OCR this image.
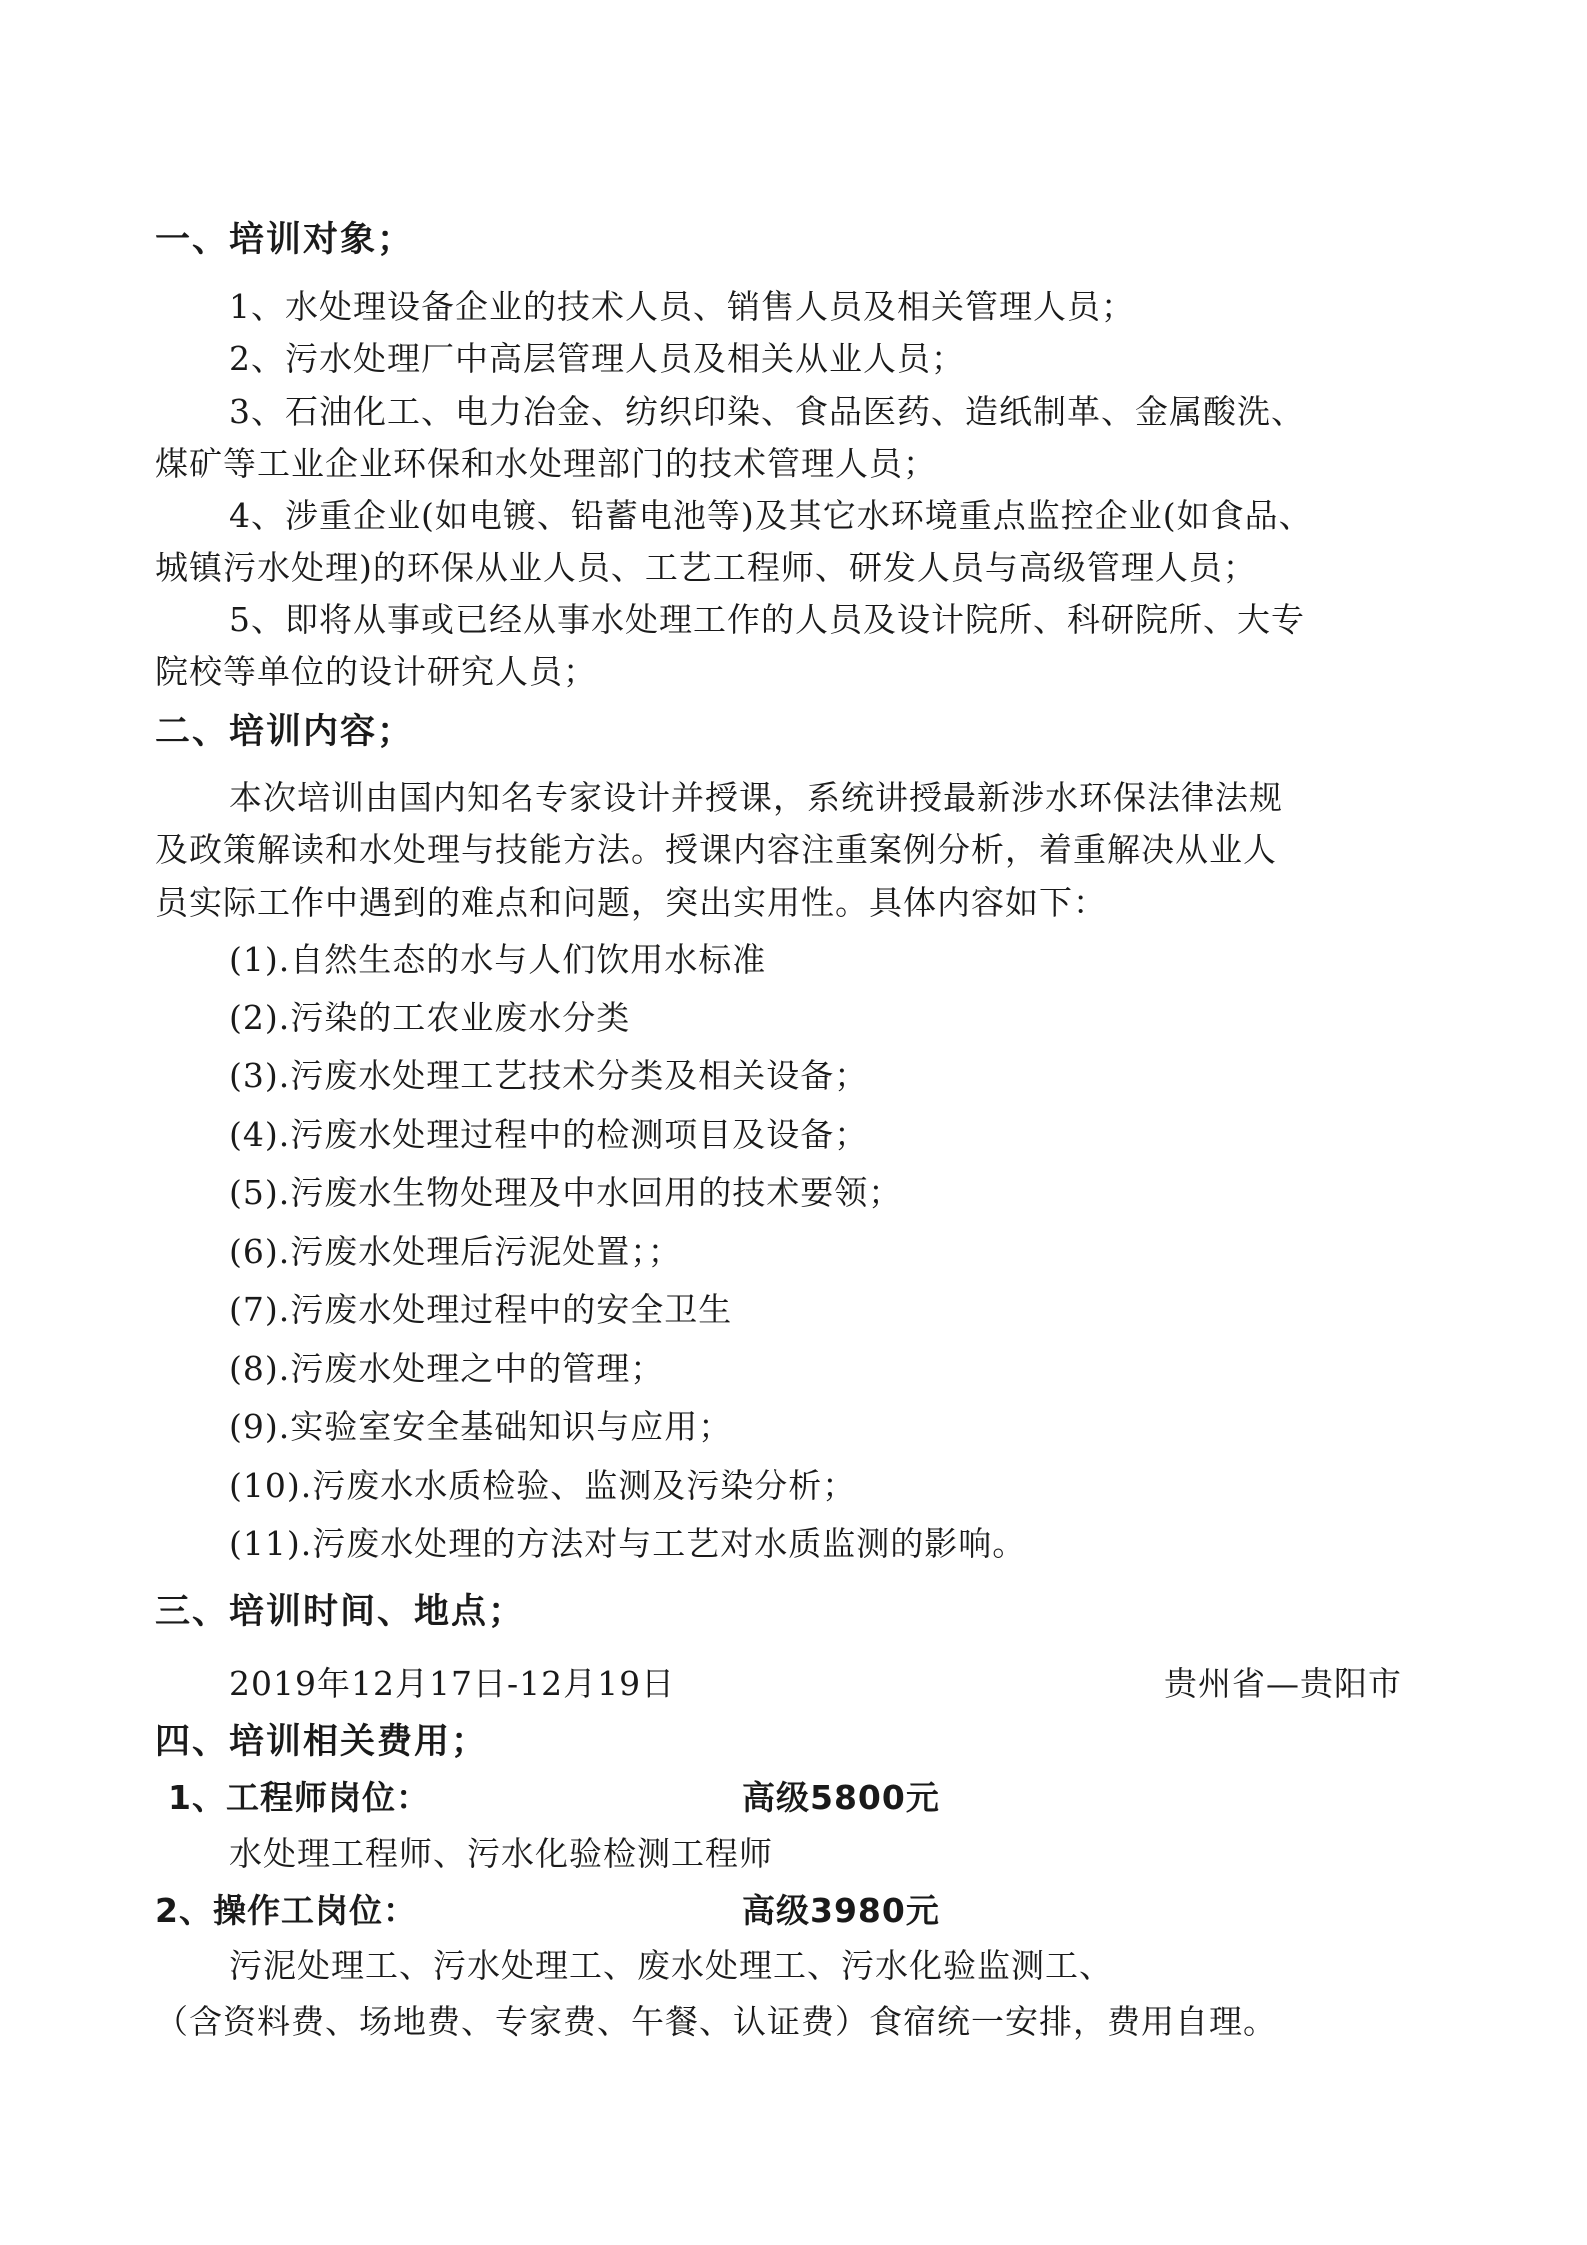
一、培训对象；
1、水处理设备企业的技术人员、销售人员及相关管理人员；
2、污水处理厂中高层管理人员及相关从业人员；
3、石油化工、电力冶金、纺织印染、食品医药、造纸制革、金属酸洗、
煤矿等工业企业环保和水处理部门的技术管理人员；
4、涉重企业(如电镀、铅蓄电池等)及其它水环境重点监控企业(如食品、
城镇污水处理)的环保从业人员、工艺工程师、研发人员与高级管理人员；
5、即将从事或已经从事水处理工作的人员及设计院所、科研院所、大专
院校等单位的设计研究人员；
二、培训内容；
本次培训由国内知名专家设计并授课，系统讲授最新涉水环保法律法规
及政策解读和水处理与技能方法。授课内容注重案例分析，着重解决从业人
员实际工作中遇到的难点和问题，突出实用性。具体内容如下：
(1).自然生态的水与人们饮用水标准
(2).污染的工农业废水分类
(3).污废水处理工艺技术分类及相关设备；
(4).污废水处理过程中的检测项目及设备；
(5).污废水生物处理及中水回用的技术要领；
(6).污废水处理后污泥处置；；
(7).污废水处理过程中的安全卫生
(8).污废水处理之中的管理；
(9).实验室安全基础知识与应用；
(10).污废水水质检验、监测及污染分析；
(11).污废水处理的方法对与工艺对水质监测的影响。
三、培训时间、地点；
2019年12月17日-12月19日	贵州省—贵阳市
四、培训相关费用；
1、工程师岗位：	高级5800元
水处理工程师、污水化验检测工程师
2、操作工岗位：	高级3980元
污泥处理工、污水处理工、废水处理工、污水化验监测工、
（含资料费、场地费、专家费、午餐、认证费）食宿统一安排，费用自理。
